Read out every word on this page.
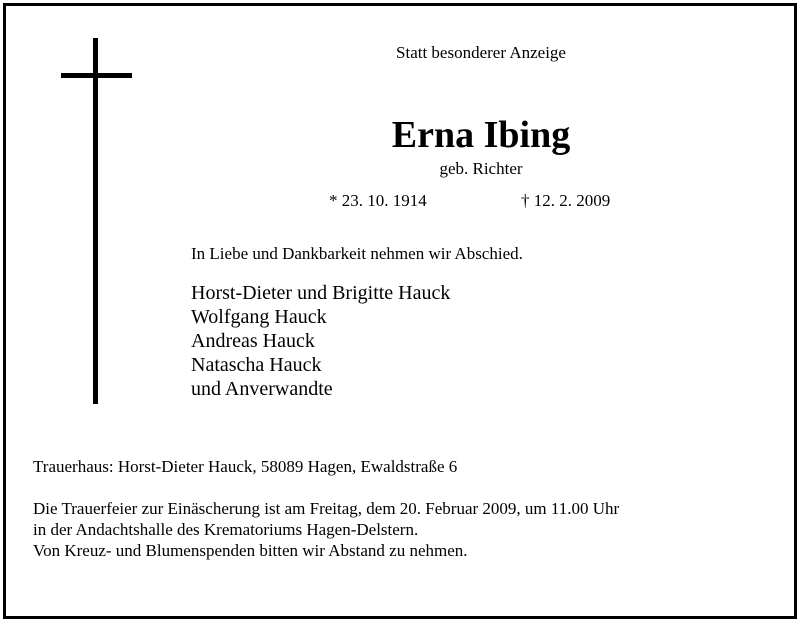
Statt besonderer Anzeige
Erna Ibing
geb. Richter
* 23. 10. 1914	† 12. 2. 2009
In Liebe und Dankbarkeit nehmen wir Abschied.
Horst-Dieter und Brigitte Hauck
Wolfgang Hauck
Andreas Hauck
Natascha Hauck
und Anverwandte
Trauerhaus: Horst-Dieter Hauck, 58089 Hagen, Ewaldstraße 6
Die Trauerfeier zur Einäscherung ist am Freitag, dem 20. Februar 2009, um 11.00 Uhr
in der Andachtshalle des Krematoriums Hagen-Delstern.
Von Kreuz- und Blumenspenden bitten wir Abstand zu nehmen.
